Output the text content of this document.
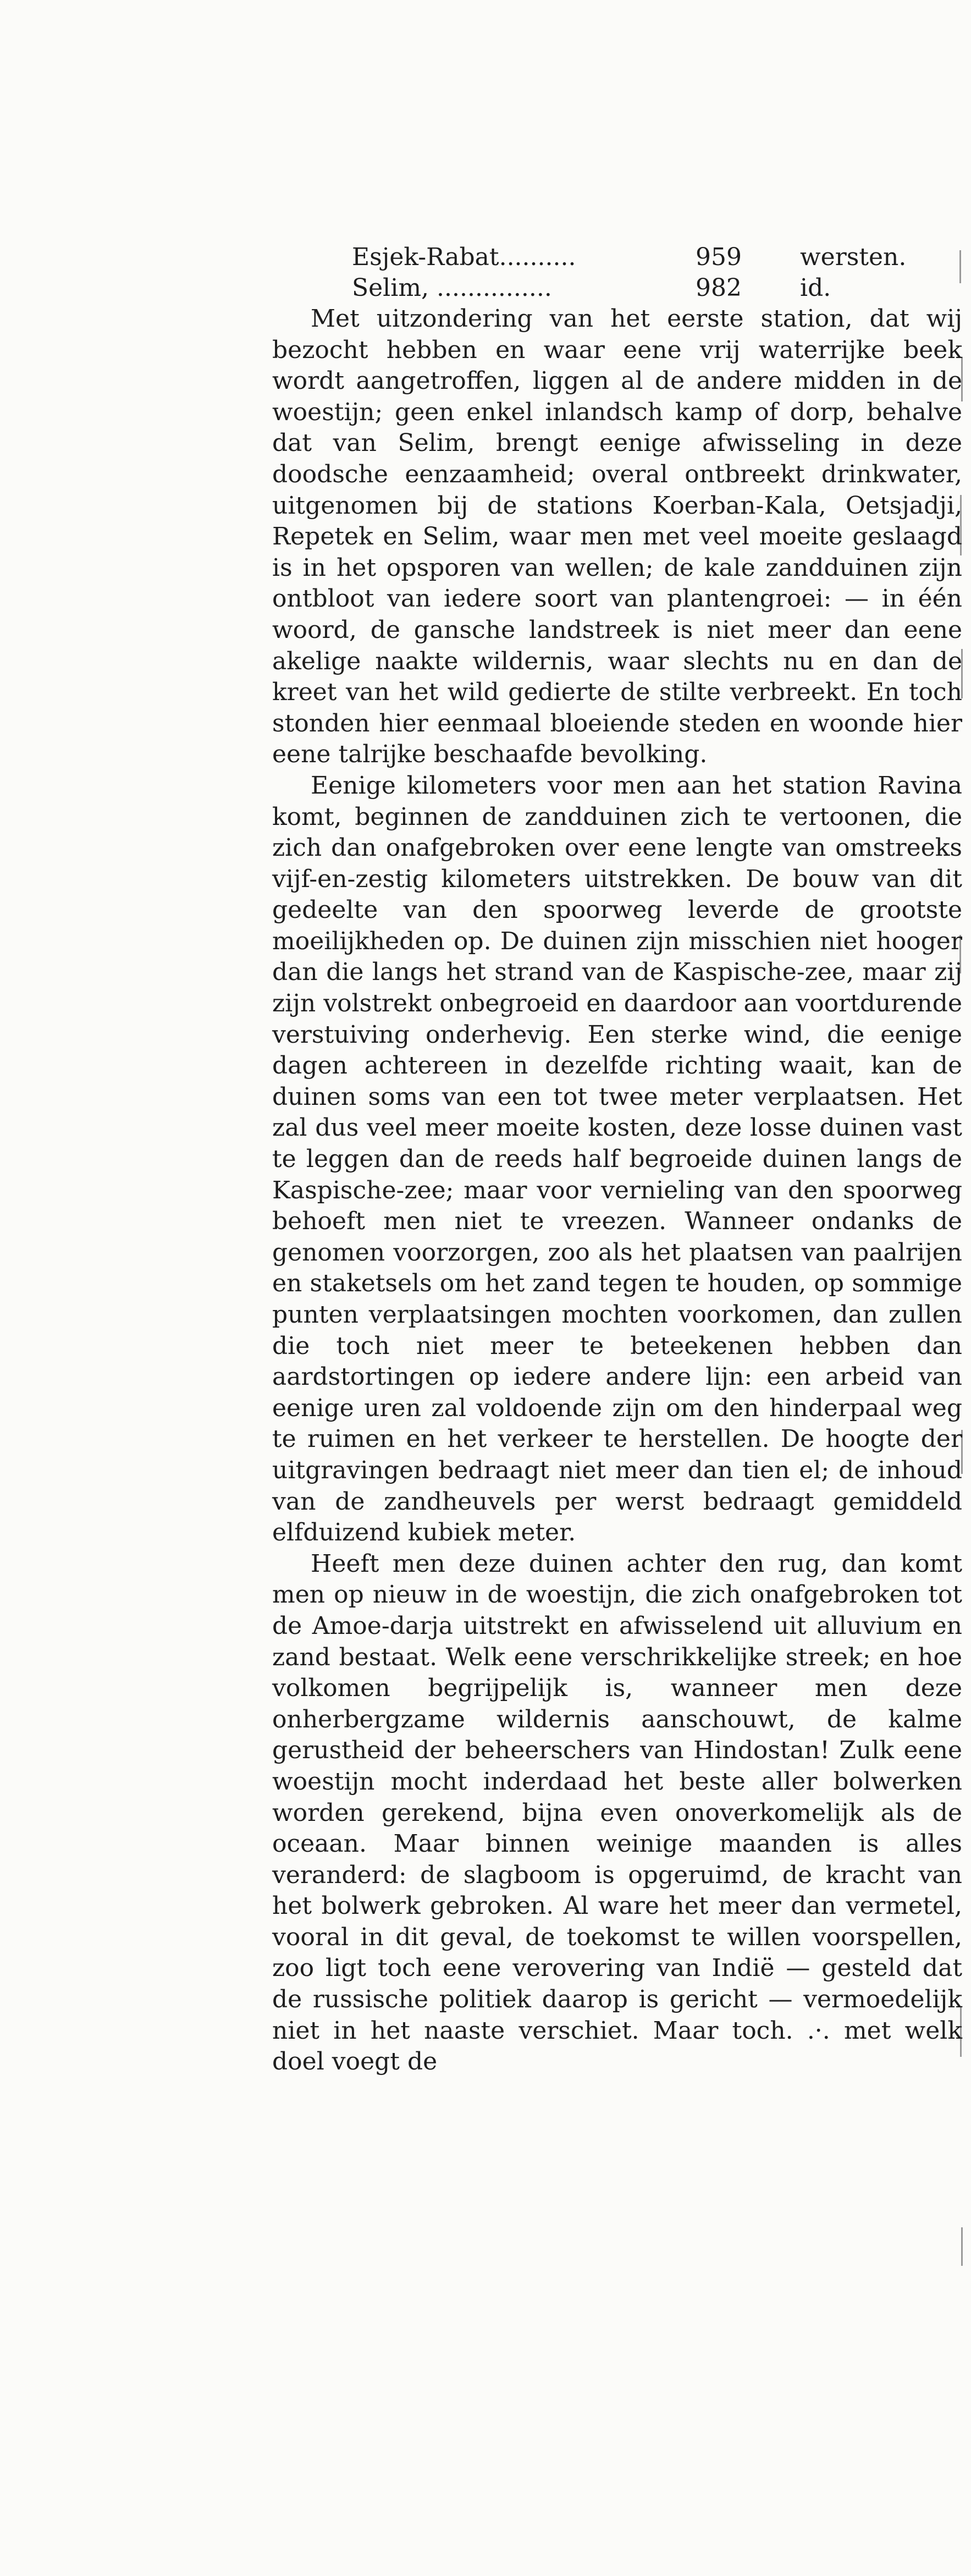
Esjek-Rabat..........	959 wersten.
Selim, ...............	982 id.

Met uitzondering van het eerste station, dat wij bezocht hebben en waar eene vrij waterrijke beek wordt aangetroffen, liggen al de andere midden in de woestijn; geen enkel inlandsch kamp of dorp, behalve dat van Selim, brengt eenige afwisseling in deze doodsche eenzaamheid; overal ontbreekt drinkwater, uitgenomen bij de stations Koerban-Kala, Oetsjadji, Repetek en Selim, waar men met veel moeite geslaagd is in het opsporen van wellen; de kale zandduinen zijn ontbloot van iedere soort van plantengroei: — in één woord, de gansche landstreek is niet meer dan eene akelige naakte wildernis, waar slechts nu en dan de kreet van het wild gedierte de stilte verbreekt. En toch stonden hier eenmaal bloeiende steden en woonde hier eene talrijke beschaafde bevolking.

Eenige kilometers voor men aan het station Ravina komt, beginnen de zandduinen zich te vertoonen, die zich dan onafgebroken over eene lengte van omstreeks vijf-en-zestig kilometers uitstrekken. De bouw van dit gedeelte van den spoorweg leverde de grootste moeilijkheden op. De duinen zijn misschien niet hooger dan die langs het strand van de Kaspische-zee, maar zij zijn volstrekt onbegroeid en daardoor aan voortdurende verstuiving onderhevig. Een sterke wind, die eenige dagen achtereen in dezelfde richting waait, kan de duinen soms van een tot twee meter verplaatsen. Het zal dus veel meer moeite kosten, deze losse duinen vast te leggen dan de reeds half begroeide duinen langs de Kaspische-zee; maar voor vernieling van den spoorweg behoeft men niet te vreezen. Wanneer ondanks de genomen voorzorgen, zoo als het plaatsen van paalrijen en staketsels om het zand tegen te houden, op sommige punten verplaatsingen mochten voorkomen, dan zullen die toch niet meer te beteekenen hebben dan aardstortingen op iedere andere lijn: een arbeid van eenige uren zal voldoende zijn om den hinderpaal weg te ruimen en het verkeer te herstellen. De hoogte der uitgravingen bedraagt niet meer dan tien el; de inhoud van de zandheuvels per werst bedraagt gemiddeld elfduizend kubiek meter.

Heeft men deze duinen achter den rug, dan komt men op nieuw in de woestijn, die zich onafgebroken tot de Amoe-darja uitstrekt en afwisselend uit alluvium en zand bestaat. Welk eene verschrikkelijke streek; en hoe volkomen begrijpelijk is, wanneer men deze onherbergzame wildernis aanschouwt, de kalme gerustheid der beheerschers van Hindostan! Zulk eene woestijn mocht inderdaad het beste aller bolwerken worden gerekend, bijna even onoverkomelijk als de oceaan. Maar binnen weinige maanden is alles veranderd: de slagboom is opgeruimd, de kracht van het bolwerk gebroken. Al ware het meer dan vermetel, vooral in dit geval, de toekomst te willen voorspellen, zoo ligt toch eene verovering van Indië — gesteld dat de russische politiek daarop is gericht — vermoedelijk niet in het naaste verschiet. Maar toch. .·. met welk doel voegt de
